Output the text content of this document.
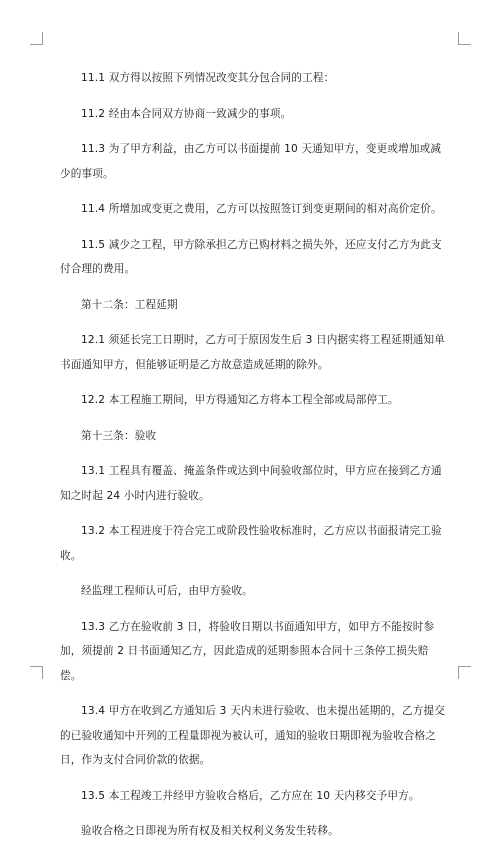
11.1 双方得以按照下列情况改变其分包合同的工程：

11.2 经由本合同双方协商一致减少的事项。

11.3 为了甲方利益，由乙方可以书面提前 10 天通知甲方，变更或增加或减少的事项。

11.4 所增加或变更之费用，乙方可以按照签订到变更期间的相对高价定价。

11.5 减少之工程，甲方除承担乙方已购材料之损失外，还应支付乙方为此支付合理的费用。

第十二条：工程延期

12.1 须延长完工日期时，乙方可于原因发生后 3 日内据实将工程延期通知单书面通知甲方，但能够证明是乙方故意造成延期的除外。

12.2 本工程施工期间，甲方得通知乙方将本工程全部或局部停工。

第十三条：验收

13.1 工程具有覆盖、掩盖条件或达到中间验收部位时，甲方应在接到乙方通知之时起 24 小时内进行验收。

13.2 本工程进度于符合完工或阶段性验收标准时，乙方应以书面报请完工验收。

经监理工程师认可后，由甲方验收。

13.3 乙方在验收前 3 日，将验收日期以书面通知甲方，如甲方不能按时参加，须提前 2 日书面通知乙方，因此造成的延期参照本合同十三条停工损失赔偿。

13.4 甲方在收到乙方通知后 3 天内未进行验收、也未提出延期的，乙方提交的已验收通知中开列的工程量即视为被认可，通知的验收日期即视为验收合格之日，作为支付合同价款的依据。

13.5 本工程竣工并经甲方验收合格后，乙方应在 10 天内移交予甲方。

验收合格之日即视为所有权及相关权利义务发生转移。
